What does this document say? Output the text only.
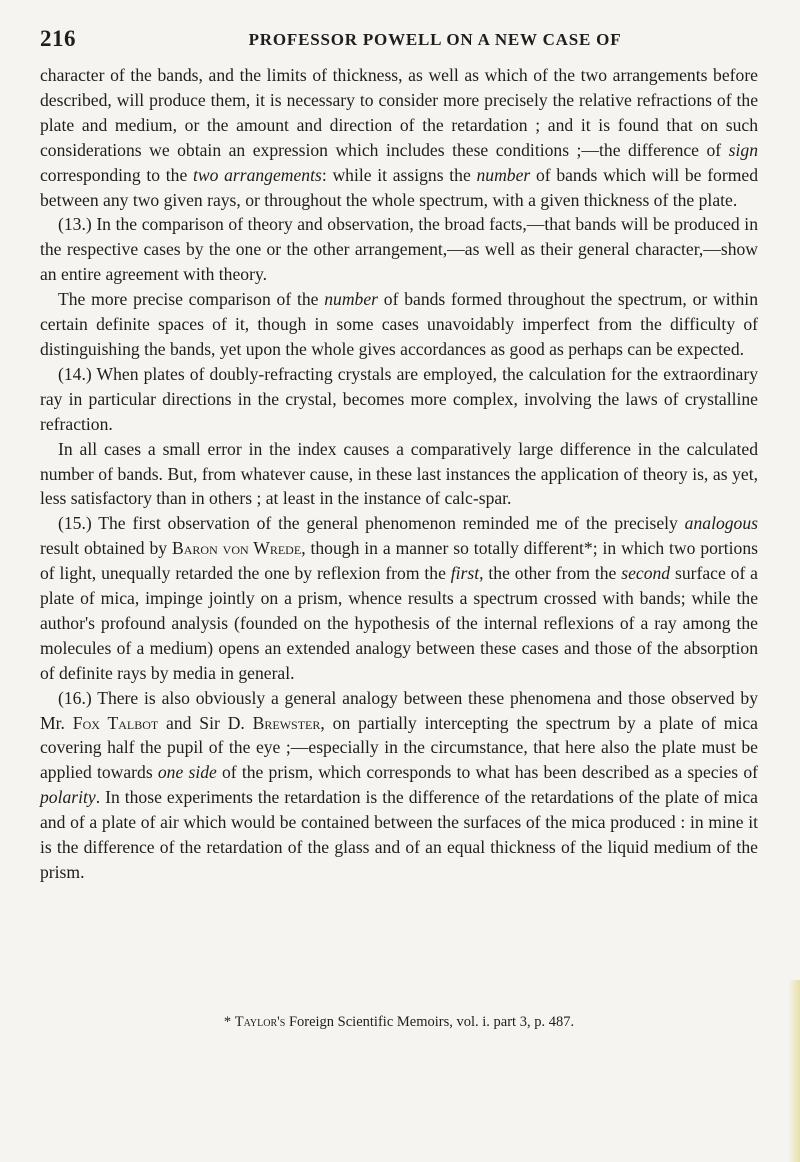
216	PROFESSOR POWELL ON A NEW CASE OF

character of the bands, and the limits of thickness, as well as which of the two arrangements before described, will produce them, it is necessary to consider more precisely the relative refractions of the plate and medium, or the amount and direction of the retardation ; and it is found that on such considerations we obtain an expression which includes these conditions ;—the difference of sign corresponding to the two arrangements: while it assigns the number of bands which will be formed between any two given rays, or throughout the whole spectrum, with a given thickness of the plate.

(13.) In the comparison of theory and observation, the broad facts,—that bands will be produced in the respective cases by the one or the other arrangement,—as well as their general character,—show an entire agreement with theory.

The more precise comparison of the number of bands formed throughout the spectrum, or within certain definite spaces of it, though in some cases unavoidably imperfect from the difficulty of distinguishing the bands, yet upon the whole gives accordances as good as perhaps can be expected.

(14.) When plates of doubly-refracting crystals are employed, the calculation for the extraordinary ray in particular directions in the crystal, becomes more complex, involving the laws of crystalline refraction.

In all cases a small error in the index causes a comparatively large difference in the calculated number of bands. But, from whatever cause, in these last instances the application of theory is, as yet, less satisfactory than in others ; at least in the instance of calc-spar.

(15.) The first observation of the general phenomenon reminded me of the precisely analogous result obtained by Baron von Wrede, though in a manner so totally different*; in which two portions of light, unequally retarded the one by reflexion from the first, the other from the second surface of a plate of mica, impinge jointly on a prism, whence results a spectrum crossed with bands; while the author's profound analysis (founded on the hypothesis of the internal reflexions of a ray among the molecules of a medium) opens an extended analogy between these cases and those of the absorption of definite rays by media in general.

(16.) There is also obviously a general analogy between these phenomena and those observed by Mr. Fox Talbot and Sir D. Brewster, on partially intercepting the spectrum by a plate of mica covering half the pupil of the eye ;—especially in the circumstance, that here also the plate must be applied towards one side of the prism, which corresponds to what has been described as a species of polarity. In those experiments the retardation is the difference of the retardations of the plate of mica and of a plate of air which would be contained between the surfaces of the mica produced : in mine it is the difference of the retardation of the glass and of an equal thickness of the liquid medium of the prism.

* Taylor's Foreign Scientific Memoirs, vol. i. part 3, p. 487.
